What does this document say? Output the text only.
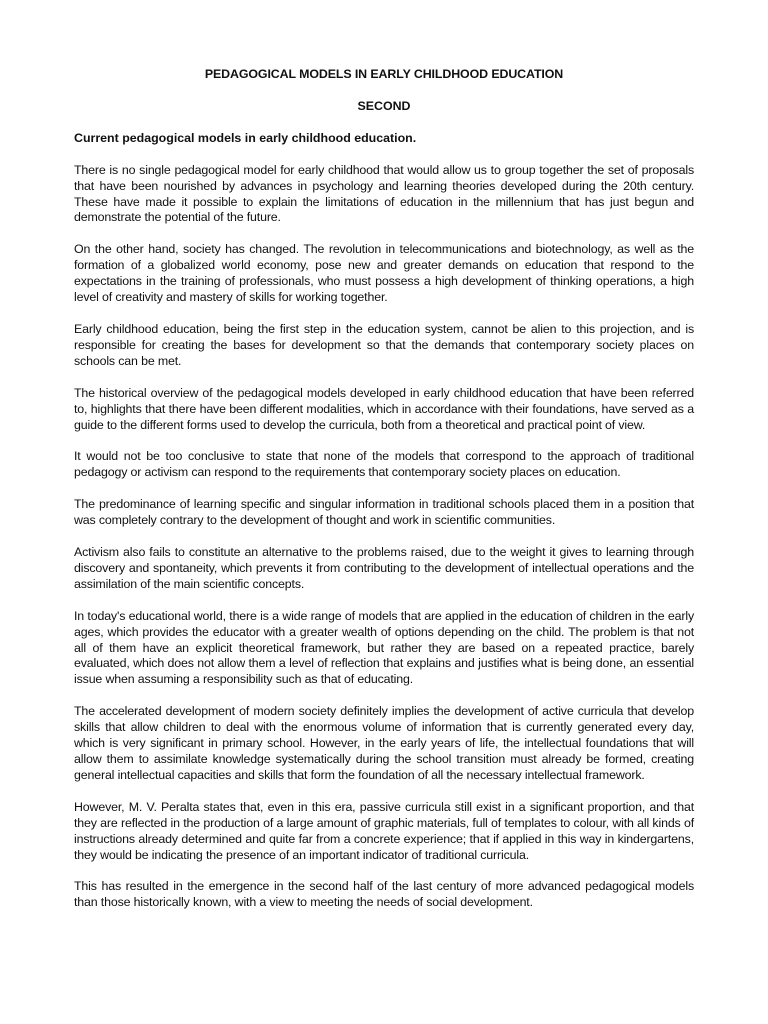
PEDAGOGICAL MODELS IN EARLY CHILDHOOD EDUCATION
SECOND
Current pedagogical models in early childhood education.

There is no single pedagogical model for early childhood that would allow us to group together the set of proposals that have been nourished by advances in psychology and learning theories developed during the 20th century. These have made it possible to explain the limitations of education in the millennium that has just begun and demonstrate the potential of the future.

On the other hand, society has changed. The revolution in telecommunications and biotechnology, as well as the formation of a globalized world economy, pose new and greater demands on education that respond to the expectations in the training of professionals, who must possess a high development of thinking operations, a high level of creativity and mastery of skills for working together.

Early childhood education, being the first step in the education system, cannot be alien to this projection, and is responsible for creating the bases for development so that the demands that contemporary society places on schools can be met.

The historical overview of the pedagogical models developed in early childhood education that have been referred to, highlights that there have been different modalities, which in accordance with their foundations, have served as a guide to the different forms used to develop the curricula, both from a theoretical and practical point of view.

It would not be too conclusive to state that none of the models that correspond to the approach of traditional pedagogy or activism can respond to the requirements that contemporary society places on education.

The predominance of learning specific and singular information in traditional schools placed them in a position that was completely contrary to the development of thought and work in scientific communities.

Activism also fails to constitute an alternative to the problems raised, due to the weight it gives to learning through discovery and spontaneity, which prevents it from contributing to the development of intellectual operations and the assimilation of the main scientific concepts.

In today's educational world, there is a wide range of models that are applied in the education of children in the early ages, which provides the educator with a greater wealth of options depending on the child. The problem is that not all of them have an explicit theoretical framework, but rather they are based on a repeated practice, barely evaluated, which does not allow them a level of reflection that explains and justifies what is being done, an essential issue when assuming a responsibility such as that of educating.

The accelerated development of modern society definitely implies the development of active curricula that develop skills that allow children to deal with the enormous volume of information that is currently generated every day, which is very significant in primary school. However, in the early years of life, the intellectual foundations that will allow them to assimilate knowledge systematically during the school transition must already be formed, creating general intellectual capacities and skills that form the foundation of all the necessary intellectual framework.

However, M. V. Peralta states that, even in this era, passive curricula still exist in a significant proportion, and that they are reflected in the production of a large amount of graphic materials, full of templates to colour, with all kinds of instructions already determined and quite far from a concrete experience; that if applied in this way in kindergartens, they would be indicating the presence of an important indicator of traditional curricula.

This has resulted in the emergence in the second half of the last century of more advanced pedagogical models than those historically known, with a view to meeting the needs of social development.
